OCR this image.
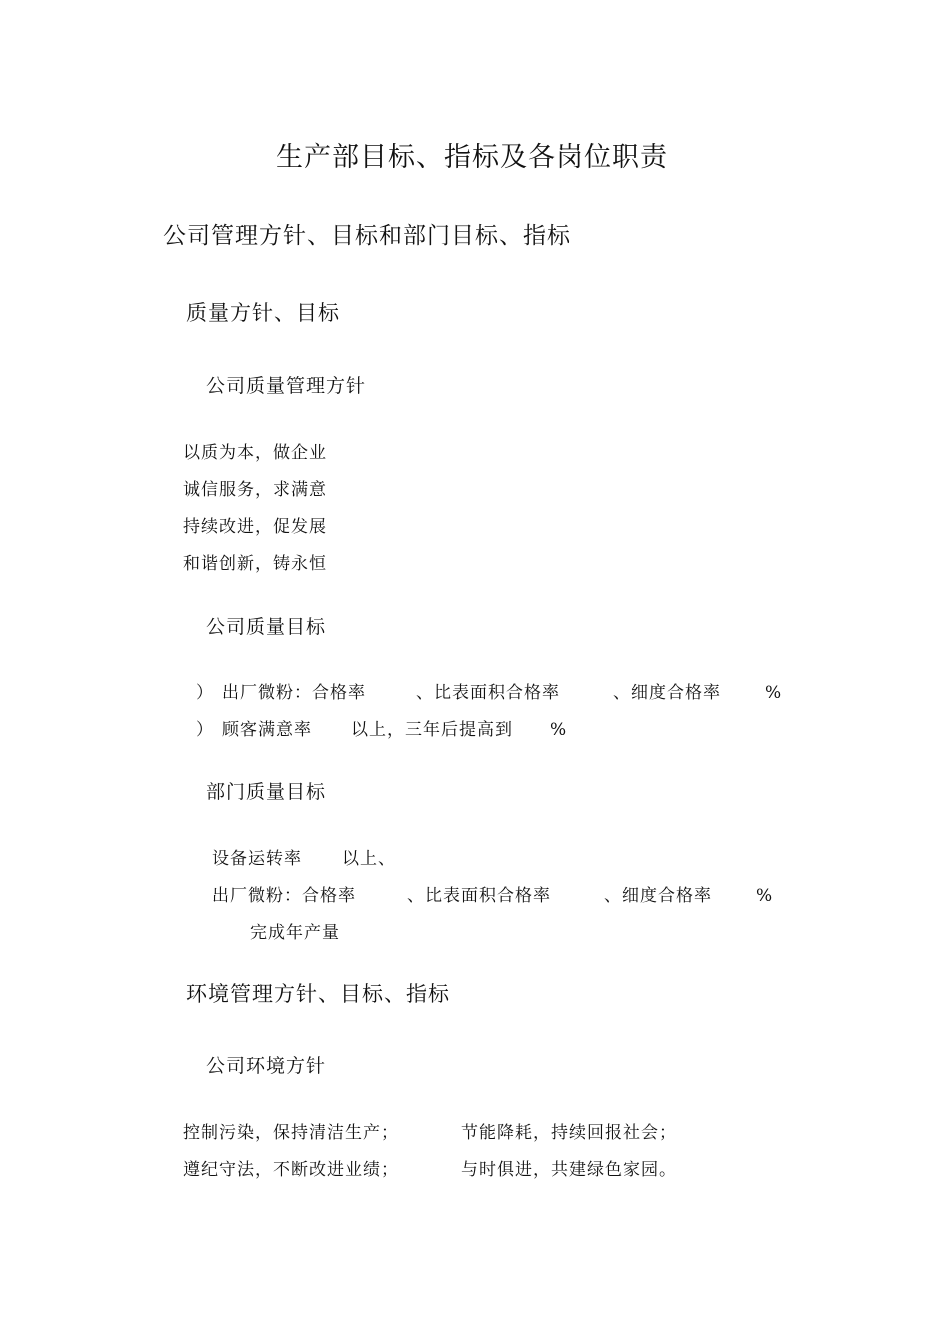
生产部目标、指标及各岗位职责
公司管理方针、目标和部门目标、指标
质量方针、目标
公司质量管理方针
以质为本，做企业
诚信服务，求满意
持续改进，促发展
和谐创新，铸永恒
公司质量目标
） 出厂微粉：合格率	、比表面积合格率	、细度合格率	%
） 顾客满意率 以上，三年后提高到 %
部门质量目标
设备运转率 以上、
出厂微粉：合格率	、比表面积合格率	、细度合格率	%
完成年产量
环境管理方针、目标、指标
公司环境方针
控制污染，保持清洁生产；	节能降耗，持续回报社会；
遵纪守法，不断改进业绩；	与时俱进，共建绿色家园。
